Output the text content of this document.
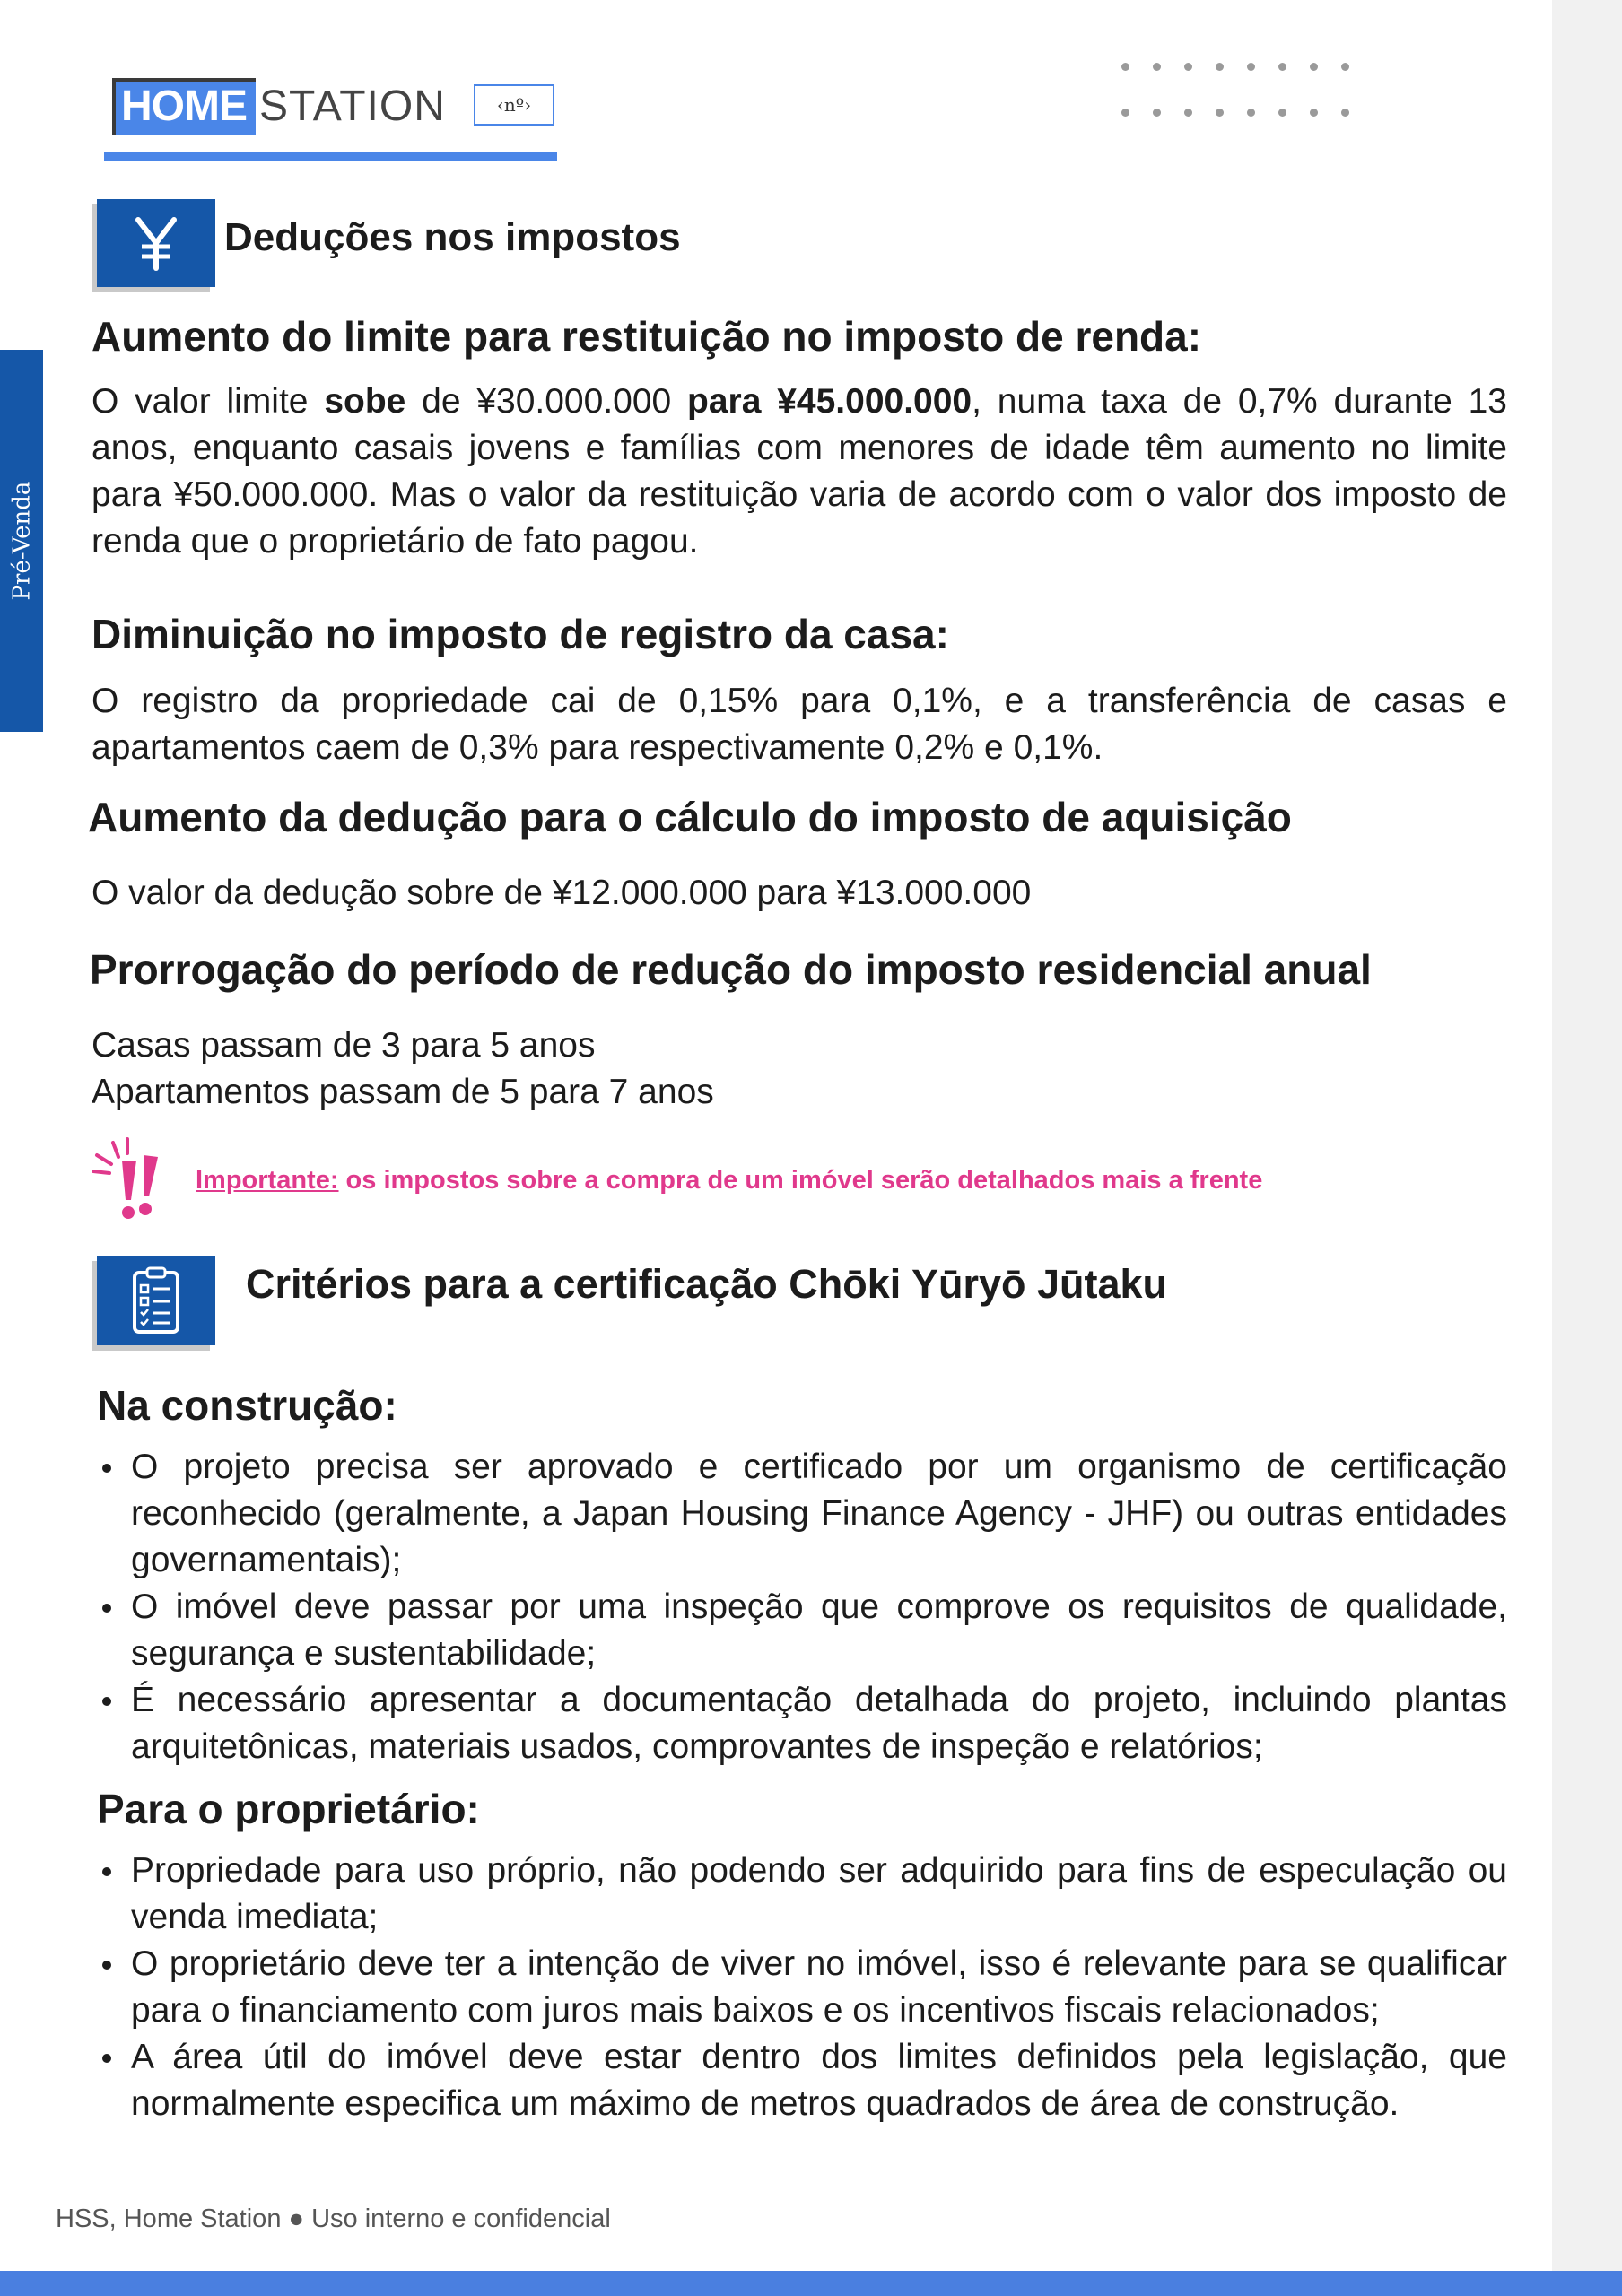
HOME STATION	‹nº›
Pré-Venda
Deduções nos impostos
Aumento do limite para restituição no imposto de renda:
O valor limite sobe de ¥30.000.000 para ¥45.000.000, numa taxa de 0,7% durante 13 anos, enquanto casais jovens e famílias com menores de idade têm aumento no limite para ¥50.000.000. Mas o valor da restituição varia de acordo com o valor dos imposto de renda que o proprietário de fato pagou.
Diminuição no imposto de registro da casa:
O registro da propriedade cai de 0,15% para 0,1%, e a transferência de casas e apartamentos caem de 0,3% para respectivamente 0,2% e 0,1%.
Aumento da dedução para o cálculo do imposto de aquisição
O valor da dedução sobre de ¥12.000.000 para ¥13.000.000
Prorrogação do período de redução do imposto residencial anual
Casas passam de 3 para 5 anos
Apartamentos passam de 5 para 7 anos
Importante: os impostos sobre a compra de um imóvel serão detalhados mais a frente
Critérios para a certificação Chōki Yūryō Jūtaku
Na construção:
O projeto precisa ser aprovado e certificado por um organismo de certificação reconhecido (geralmente, a Japan Housing Finance Agency - JHF) ou outras entidades governamentais);
O imóvel deve passar por uma inspeção que comprove os requisitos de qualidade, segurança e sustentabilidade;
É necessário apresentar a documentação detalhada do projeto, incluindo plantas arquitetônicas, materiais usados, comprovantes de inspeção e relatórios;
Para o proprietário:
Propriedade para uso próprio, não podendo ser adquirido para fins de especulação ou venda imediata;
O proprietário deve ter a intenção de viver no imóvel, isso é relevante para se qualificar para o financiamento com juros mais baixos e os incentivos fiscais relacionados;
A área útil do imóvel deve estar dentro dos limites definidos pela legislação, que normalmente especifica um máximo de metros quadrados de área de construção.
HSS, Home Station ● Uso interno e confidencial
